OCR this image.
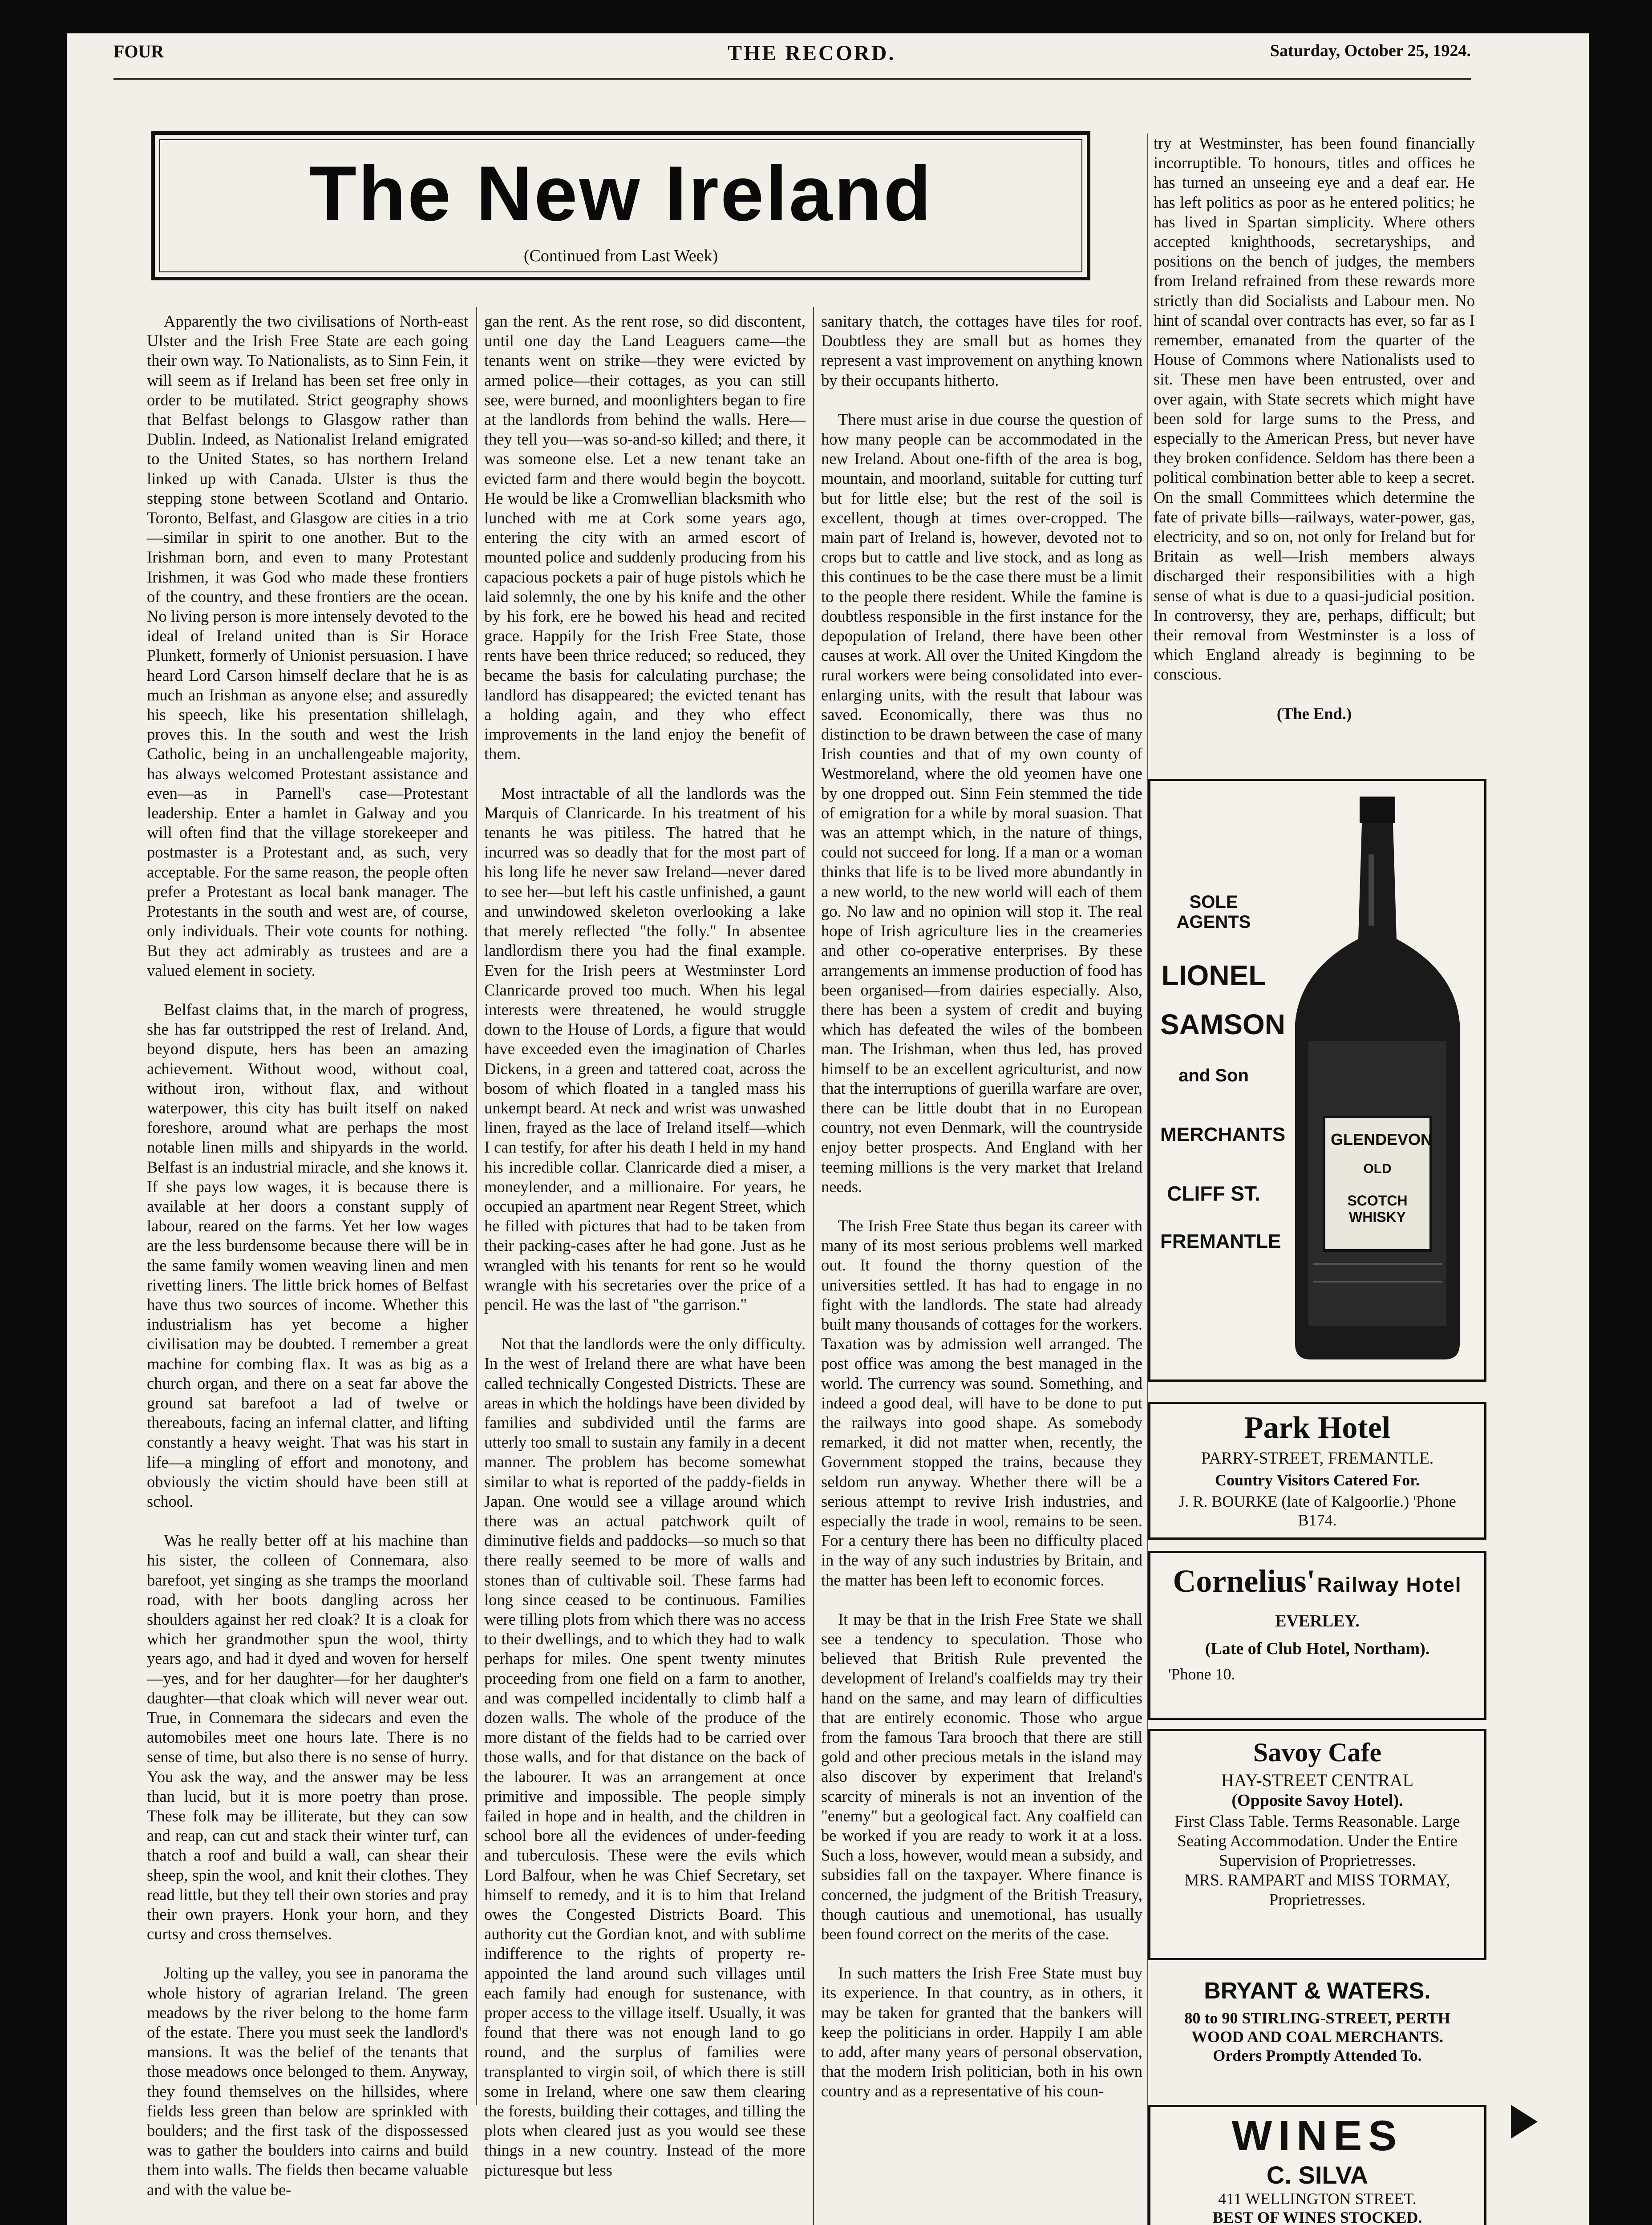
FOUR	THE RECORD.	Saturday, October 25, 1924.
The New Ireland
(Continued from Last Week)

Apparently the two civilisations of North-east Ulster and the Irish Free State are each going their own way. To Nationalists, as to Sinn Fein, it will seem as if Ireland has been set free only in order to be mutilated. Strict geography shows that Belfast belongs to Glasgow rather than Dublin. Indeed, as Nationalist Ireland emigrated to the United States, so has northern Ireland linked up with Canada. Ulster is thus the stepping stone between Scotland and Ontario. Toronto, Belfast, and Glasgow are cities in a trio—similar in spirit to one another. But to the Irishman born, and even to many Protestant Irishmen, it was God who made these frontiers of the country, and these frontiers are the ocean. No living person is more intensely devoted to the ideal of Ireland united than is Sir Horace Plunkett, formerly of Unionist persuasion. I have heard Lord Carson himself declare that he is as much an Irishman as anyone else; and assuredly his speech, like his presentation shillelagh, proves this. In the south and west the Irish Catholic, being in an unchallengeable majority, has always welcomed Protestant assistance and even—as in Parnell's case—Protestant leadership. Enter a hamlet in Galway and you will often find that the village storekeeper and postmaster is a Protestant and, as such, very acceptable. For the same reason, the people often prefer a Protestant as local bank manager. The Protestants in the south and west are, of course, only individuals. Their vote counts for nothing. But they act admirably as trustees and are a valued element in society.

Belfast claims that, in the march of progress, she has far outstripped the rest of Ireland. And, beyond dispute, hers has been an amazing achievement. Without wood, without coal, without iron, without flax, and without waterpower, this city has built itself on naked foreshore, around what are perhaps the most notable linen mills and shipyards in the world. Belfast is an industrial miracle, and she knows it. If she pays low wages, it is because there is available at her doors a constant supply of labour, reared on the farms. Yet her low wages are the less burdensome because there will be in the same family women weaving linen and men rivetting liners. The little brick homes of Belfast have thus two sources of income. Whether this industrialism has yet become a higher civilisation may be doubted. I remember a great machine for combing flax. It was as big as a church organ, and there on a seat far above the ground sat barefoot a lad of twelve or thereabouts, facing an infernal clatter, and lifting constantly a heavy weight. That was his start in life—a mingling of effort and monotony, and obviously the victim should have been still at school.

Was he really better off at his machine than his sister, the colleen of Connemara, also barefoot, yet singing as she tramps the moorland road, with her boots dangling across her shoulders against her red cloak? It is a cloak for which her grandmother spun the wool, thirty years ago, and had it dyed and woven for herself—yes, and for her daughter—for her daughter's daughter—that cloak which will never wear out. True, in Connemara the sidecars and even the automobiles meet one hours late. There is no sense of time, but also there is no sense of hurry. You ask the way, and the answer may be less than lucid, but it is more poetry than prose. These folk may be illiterate, but they can sow and reap, can cut and stack their winter turf, can thatch a roof and build a wall, can shear their sheep, spin the wool, and knit their clothes. They read little, but they tell their own stories and pray their own prayers. Honk your horn, and they curtsy and cross themselves.

Jolting up the valley, you see in panorama the whole history of agrarian Ireland. The green meadows by the river belong to the home farm of the estate. There you must seek the landlord's mansions. It was the belief of the tenants that those meadows once belonged to them. Anyway, they found themselves on the hillsides, where fields less green than below are sprinkled with boulders; and the first task of the dispossessed was to gather the boulders into cairns and build them into walls. The fields then became valuable and with the value be-

gan the rent. As the rent rose, so did discontent, until one day the Land Leaguers came—the tenants went on strike—they were evicted by armed police—their cottages, as you can still see, were burned, and moonlighters began to fire at the landlords from behind the walls. Here—they tell you—was so-and-so killed; and there, it was someone else. Let a new tenant take an evicted farm and there would begin the boycott. He would be like a Cromwellian blacksmith who lunched with me at Cork some years ago, entering the city with an armed escort of mounted police and suddenly producing from his capacious pockets a pair of huge pistols which he laid solemnly, the one by his knife and the other by his fork, ere he bowed his head and recited grace. Happily for the Irish Free State, those rents have been thrice reduced; so reduced, they became the basis for calculating purchase; the landlord has disappeared; the evicted tenant has a holding again, and they who effect improvements in the land enjoy the benefit of them.

Most intractable of all the landlords was the Marquis of Clanricarde. In his treatment of his tenants he was pitiless. The hatred that he incurred was so deadly that for the most part of his long life he never saw Ireland—never dared to see her—but left his castle unfinished, a gaunt and unwindowed skeleton overlooking a lake that merely reflected "the folly." In absentee landlordism there you had the final example. Even for the Irish peers at Westminster Lord Clanricarde proved too much. When his legal interests were threatened, he would struggle down to the House of Lords, a figure that would have exceeded even the imagination of Charles Dickens, in a green and tattered coat, across the bosom of which floated in a tangled mass his unkempt beard. At neck and wrist was unwashed linen, frayed as the lace of Ireland itself—which I can testify, for after his death I held in my hand his incredible collar. Clanricarde died a miser, a moneylender, and a millionaire. For years, he occupied an apartment near Regent Street, which he filled with pictures that had to be taken from their packing-cases after he had gone. Just as he wrangled with his tenants for rent so he would wrangle with his secretaries over the price of a pencil. He was the last of "the garrison."

Not that the landlords were the only difficulty. In the west of Ireland there are what have been called technically Congested Districts. These are areas in which the holdings have been divided by families and subdivided until the farms are utterly too small to sustain any family in a decent manner. The problem has become somewhat similar to what is reported of the paddy-fields in Japan. One would see a village around which there was an actual patchwork quilt of diminutive fields and paddocks—so much so that there really seemed to be more of walls and stones than of cultivable soil. These farms had long since ceased to be continuous. Families were tilling plots from which there was no access to their dwellings, and to which they had to walk perhaps for miles. One spent twenty minutes proceeding from one field on a farm to another, and was compelled incidentally to climb half a dozen walls. The whole of the produce of the more distant of the fields had to be carried over those walls, and for that distance on the back of the labourer. It was an arrangement at once primitive and impossible. The people simply failed in hope and in health, and the children in school bore all the evidences of under-feeding and tuberculosis. These were the evils which Lord Balfour, when he was Chief Secretary, set himself to remedy, and it is to him that Ireland owes the Congested Districts Board. This authority cut the Gordian knot, and with sublime indifference to the rights of property re-appointed the land around such villages until each family had enough for sustenance, with proper access to the village itself. Usually, it was found that there was not enough land to go round, and the surplus of families were transplanted to virgin soil, of which there is still some in Ireland, where one saw them clearing the forests, building their cottages, and tilling the plots when cleared just as you would see these things in a new country. Instead of the more picturesque but less

sanitary thatch, the cottages have tiles for roof. Doubtless they are small but as homes they represent a vast improvement on anything known by their occupants hitherto.

There must arise in due course the question of how many people can be accommodated in the new Ireland. About one-fifth of the area is bog, mountain, and moorland, suitable for cutting turf but for little else; but the rest of the soil is excellent, though at times over-cropped. The main part of Ireland is, however, devoted not to crops but to cattle and live stock, and as long as this continues to be the case there must be a limit to the people there resident. While the famine is doubtless responsible in the first instance for the depopulation of Ireland, there have been other causes at work. All over the United Kingdom the rural workers were being consolidated into ever-enlarging units, with the result that labour was saved. Economically, there was thus no distinction to be drawn between the case of many Irish counties and that of my own county of Westmoreland, where the old yeomen have one by one dropped out. Sinn Fein stemmed the tide of emigration for a while by moral suasion. That was an attempt which, in the nature of things, could not succeed for long. If a man or a woman thinks that life is to be lived more abundantly in a new world, to the new world will each of them go. No law and no opinion will stop it. The real hope of Irish agriculture lies in the creameries and other co-operative enterprises. By these arrangements an immense production of food has been organised—from dairies especially. Also, there has been a system of credit and buying which has defeated the wiles of the bombeen man. The Irishman, when thus led, has proved himself to be an excellent agriculturist, and now that the interruptions of guerilla warfare are over, there can be little doubt that in no European country, not even Denmark, will the countryside enjoy better prospects. And England with her teeming millions is the very market that Ireland needs.

The Irish Free State thus began its career with many of its most serious problems well marked out. It found the thorny question of the universities settled. It has had to engage in no fight with the landlords. The state had already built many thousands of cottages for the workers. Taxation was by admission well arranged. The post office was among the best managed in the world. The currency was sound. Something, and indeed a good deal, will have to be done to put the railways into good shape. As somebody remarked, it did not matter when, recently, the Government stopped the trains, because they seldom run anyway. Whether there will be a serious attempt to revive Irish industries, and especially the trade in wool, remains to be seen. For a century there has been no difficulty placed in the way of any such industries by Britain, and the matter has been left to economic forces.

It may be that in the Irish Free State we shall see a tendency to speculation. Those who believed that British Rule prevented the development of Ireland's coalfields may try their hand on the same, and may learn of difficulties that are entirely economic. Those who argue from the famous Tara brooch that there are still gold and other precious metals in the island may also discover by experiment that Ireland's scarcity of minerals is not an invention of the "enemy" but a geological fact. Any coalfield can be worked if you are ready to work it at a loss. Such a loss, however, would mean a subsidy, and subsidies fall on the taxpayer. Where finance is concerned, the judgment of the British Treasury, though cautious and unemotional, has usually been found correct on the merits of the case.

In such matters the Irish Free State must buy its experience. In that country, as in others, it may be taken for granted that the bankers will keep the politicians in order. Happily I am able to add, after many years of personal observation, that the modern Irish politician, both in his own country and as a representative of his coun-

try at Westminster, has been found financially incorruptible. To honours, titles and offices he has turned an unseeing eye and a deaf ear. He has left politics as poor as he entered politics; he has lived in Spartan simplicity. Where others accepted knighthoods, secretaryships, and positions on the bench of judges, the members from Ireland refrained from these rewards more strictly than did Socialists and Labour men. No hint of scandal over contracts has ever, so far as I remember, emanated from the quarter of the House of Commons where Nationalists used to sit. These men have been entrusted, over and over again, with State secrets which might have been sold for large sums to the Press, and especially to the American Press, but never have they broken confidence. Seldom has there been a political combination better able to keep a secret. On the small Committees which determine the fate of private bills—railways, water-power, gas, electricity, and so on, not only for Ireland but for Britain as well—Irish members always discharged their responsibilities with a high sense of what is due to a quasi-judicial position. In controversy, they are, perhaps, difficult; but their removal from Westminster is a loss of which England already is beginning to be conscious.

(The End.)

SOLE AGENTS
LIONEL
SAMSON
and Son
MERCHANTS
CLIFF ST.
FREMANTLE
GLENDEVON
OLD
SCOTCH WHISKY
Park Hotel
PARRY-STREET, FREMANTLE.
Country Visitors Catered For.
J. R. BOURKE (late of Kalgoorlie.) 'Phone B174.
Cornelius' Railway Hotel
EVERLEY.
(Late of Club Hotel, Northam).
'Phone 10.
Savoy Cafe
HAY-STREET CENTRAL
(Opposite Savoy Hotel).
First Class Table. Terms Reasonable. Large Seating Accommodation. Under the Entire Supervision of Proprietresses.
MRS. RAMPART and MISS TORMAY, Proprietresses.
BRYANT & WATERS.
80 to 90 STIRLING-STREET, PERTH
WOOD AND COAL MERCHANTS.
Orders Promptly Attended To.
WINES
C. SILVA
411 WELLINGTON STREET.
BEST OF WINES STOCKED.
